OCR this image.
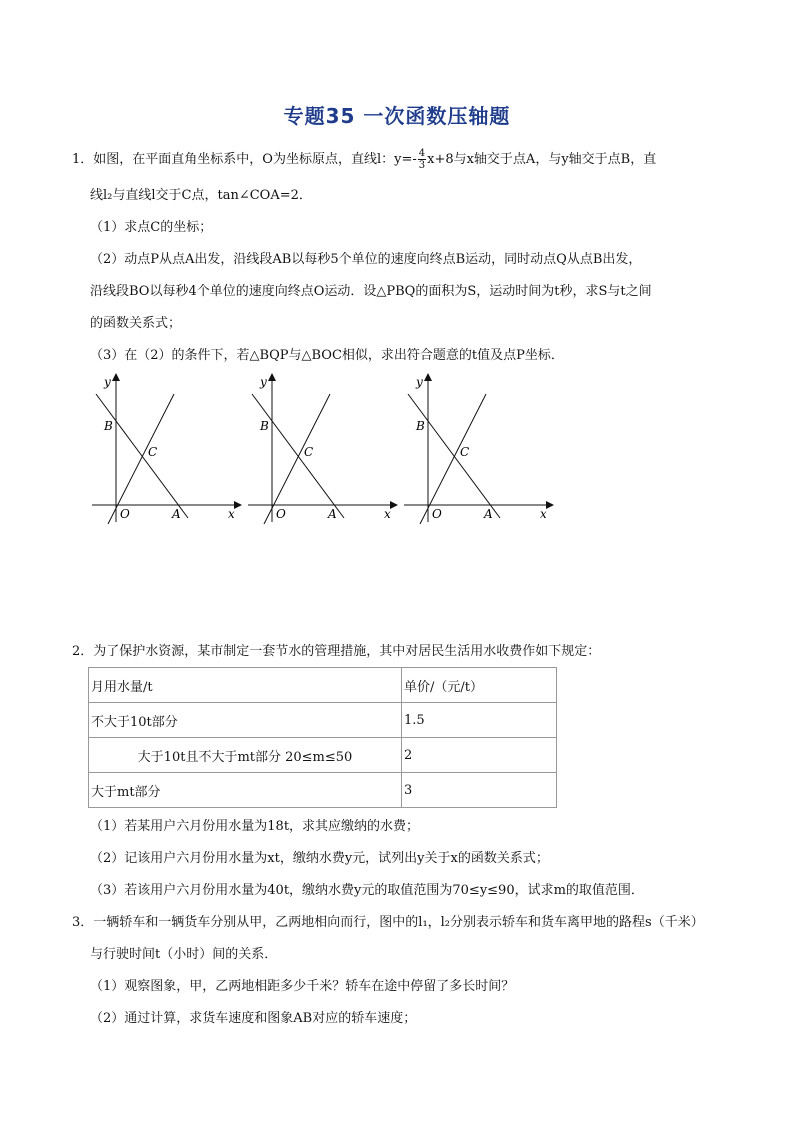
专题35 一次函数压轴题
1．如图，在平面直角坐标系中，O为坐标原点，直线l：$y=- \frac{4}{3} x+8$与x轴交于点A，与y轴交于点B，直
线l₂与直线l交于C点，tan∠COA=2．
（1）求点C的坐标；
（2）动点P从点A出发，沿线段AB以每秒5个单位的速度向终点B运动，同时动点Q从点B出发，
沿线段BO以每秒4个单位的速度向终点O运动．设△PBQ的面积为S，运动时间为t秒，求S与t之间
的函数关系式；
（3）在（2）的条件下，若△BQP与△BOC相似，求出符合题意的t值及点P坐标．
y
x
O	A
B
C
y
x
O	A
B
C
y
x
O	A
B
C
2．为了保护水资源，某市制定一套节水的管理措施，其中对居民生活用水收费作如下规定：
月用水量/t	单价/（元/t）
不大于10t部分	1.5
大于10t且不大于mt部分 20≤m≤50	2
大于mt部分	3
（1）若某用户六月份用水量为18t，求其应缴纳的水费；
（2）记该用户六月份用水量为xt，缴纳水费y元，试列出y关于x的函数关系式；
（3）若该用户六月份用水量为40t，缴纳水费y元的取值范围为70≤y≤90，试求m的取值范围．
3．一辆轿车和一辆货车分别从甲，乙两地相向而行，图中的l₁，l₂分别表示轿车和货车离甲地的路程s（千米）
与行驶时间t（小时）间的关系．
（1）观察图象，甲，乙两地相距多少千米？轿车在途中停留了多长时间？
（2）通过计算，求货车速度和图象AB对应的轿车速度；
